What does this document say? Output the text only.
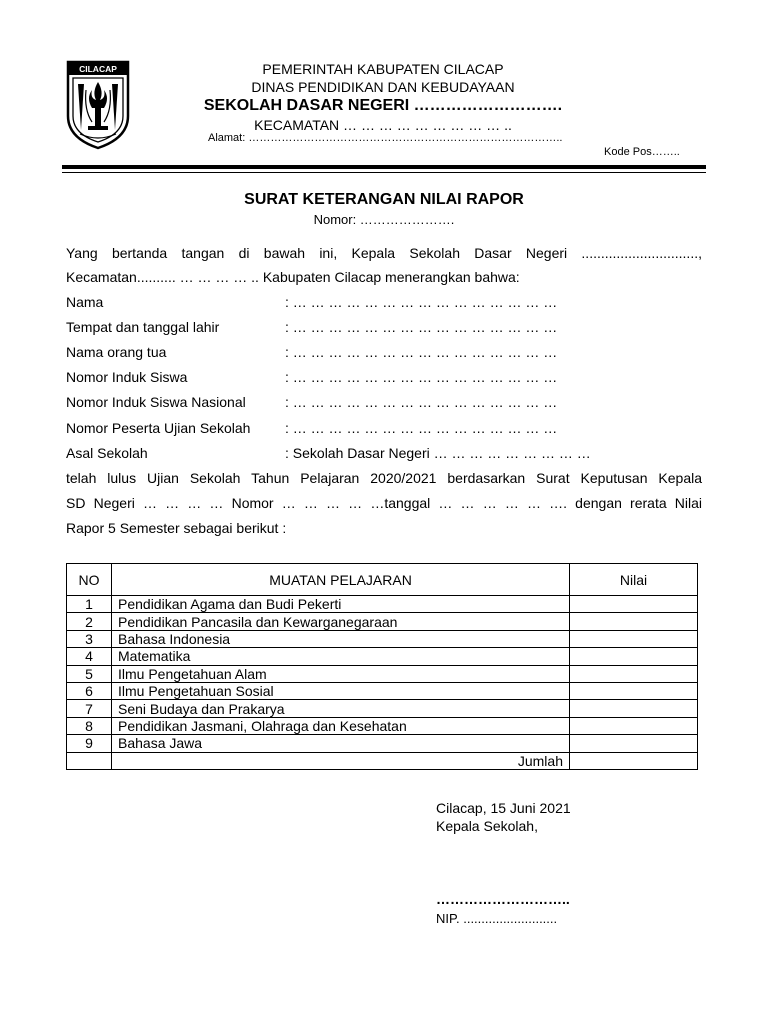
CILACAP	PEMERINTAH KABUPATEN CILACAP
DINAS PENDIDIKAN DAN KEBUDAYAAN
SEKOLAH DASAR NEGERI ……………………….
KECAMATAN … … … … … … … … … ..
Alamat: …………………………………………………………………………..
Kode Pos……..
SURAT KETERANGAN NILAI RAPOR
Nomor: ………………….
Yang bertanda tangan di bawah ini, Kepala Sekolah Dasar Negeri ..............................,
Kecamatan.......... … … … … .. Kabupaten Cilacap menerangkan bahwa:
Nama	: … … … … … … … … … … … … … … …
Tempat dan tanggal lahir	: … … … … … … … … … … … … … … …
Nama orang tua	: … … … … … … … … … … … … … … …
Nomor Induk Siswa	: … … … … … … … … … … … … … … …
Nomor Induk Siswa Nasional	: … … … … … … … … … … … … … … …
Nomor Peserta Ujian Sekolah : … … … … … … … … … … … … … … …
Asal Sekolah	: Sekolah Dasar Negeri … … … … … … … … …
telah lulus Ujian Sekolah Tahun Pelajaran 2020/2021 berdasarkan Surat Keputusan Kepala
SD Negeri … … … … Nomor … … … … …tanggal … … … … … …. dengan rerata Nilai
Rapor 5 Semester sebagai berikut :
NO	MUATAN PELAJARAN	Nilai
1	Pendidikan Agama dan Budi Pekerti	
2	Pendidikan Pancasila dan Kewarganegaraan	
3	Bahasa Indonesia	
4	Matematika	
5	Ilmu Pengetahuan Alam	
6	Ilmu Pengetahuan Sosial	
7	Seni Budaya dan Prakarya	
8	Pendidikan Jasmani, Olahraga dan Kesehatan	
9	Bahasa Jawa	
	Jumlah	
Cilacap, 15 Juni 2021
Kepala Sekolah,
………………………..
NIP. ..........................
